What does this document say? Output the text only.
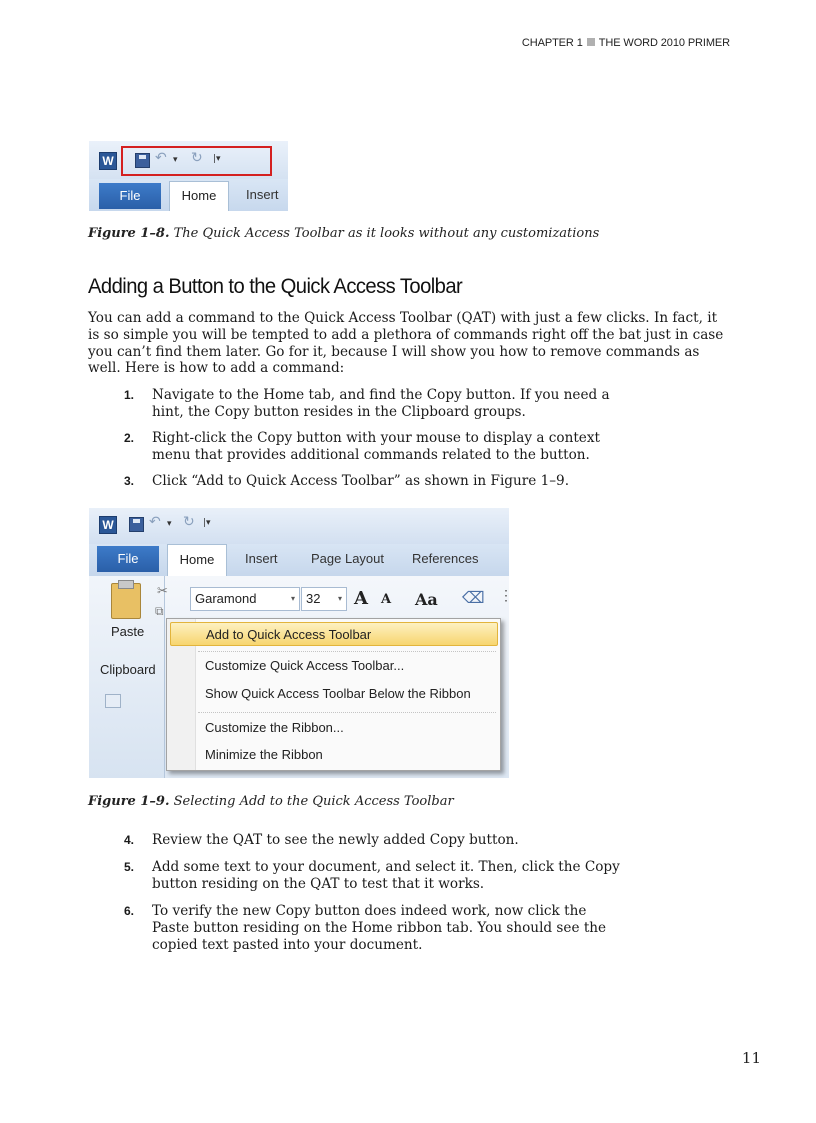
CHAPTER 1 THE WORD 2010 PRIMER
W	↶ ▾ ↻ |▾
File	Home	Insert
Figure 1–8. The Quick Access Toolbar as it looks without any customizations
Adding a Button to the Quick Access Toolbar
You can add a command to the Quick Access Toolbar (QAT) with just a few clicks. In fact, it is so simple you will be tempted to add a plethora of commands right off the bat just in case you can’t find them later. Go for it, because I will show you how to remove commands as well. Here is how to add a command:
1. Navigate to the Home tab, and find the Copy button. If you need a hint, the Copy button resides in the Clipboard groups.
2. Right-click the Copy button with your mouse to display a context menu that provides additional commands related to the button.
3. Click “Add to Quick Access Toolbar” as shown in Figure 1–9.
W	↶ ▾ ↻ |▾
File	Home	Insert	Page Layout References
Paste
Clipboard
✂
⧉
Garamond	▾ 32 ▾ A A Aa ⌫ ⋮
Add to Quick Access Toolbar
Customize Quick Access Toolbar...
Show Quick Access Toolbar Below the Ribbon
Customize the Ribbon...
Minimize the Ribbon
Figure 1–9. Selecting Add to the Quick Access Toolbar
4. Review the QAT to see the newly added Copy button.
5. Add some text to your document, and select it. Then, click the Copy button residing on the QAT to test that it works.
6. To verify the new Copy button does indeed work, now click the Paste button residing on the Home ribbon tab. You should see the copied text pasted into your document.
11
